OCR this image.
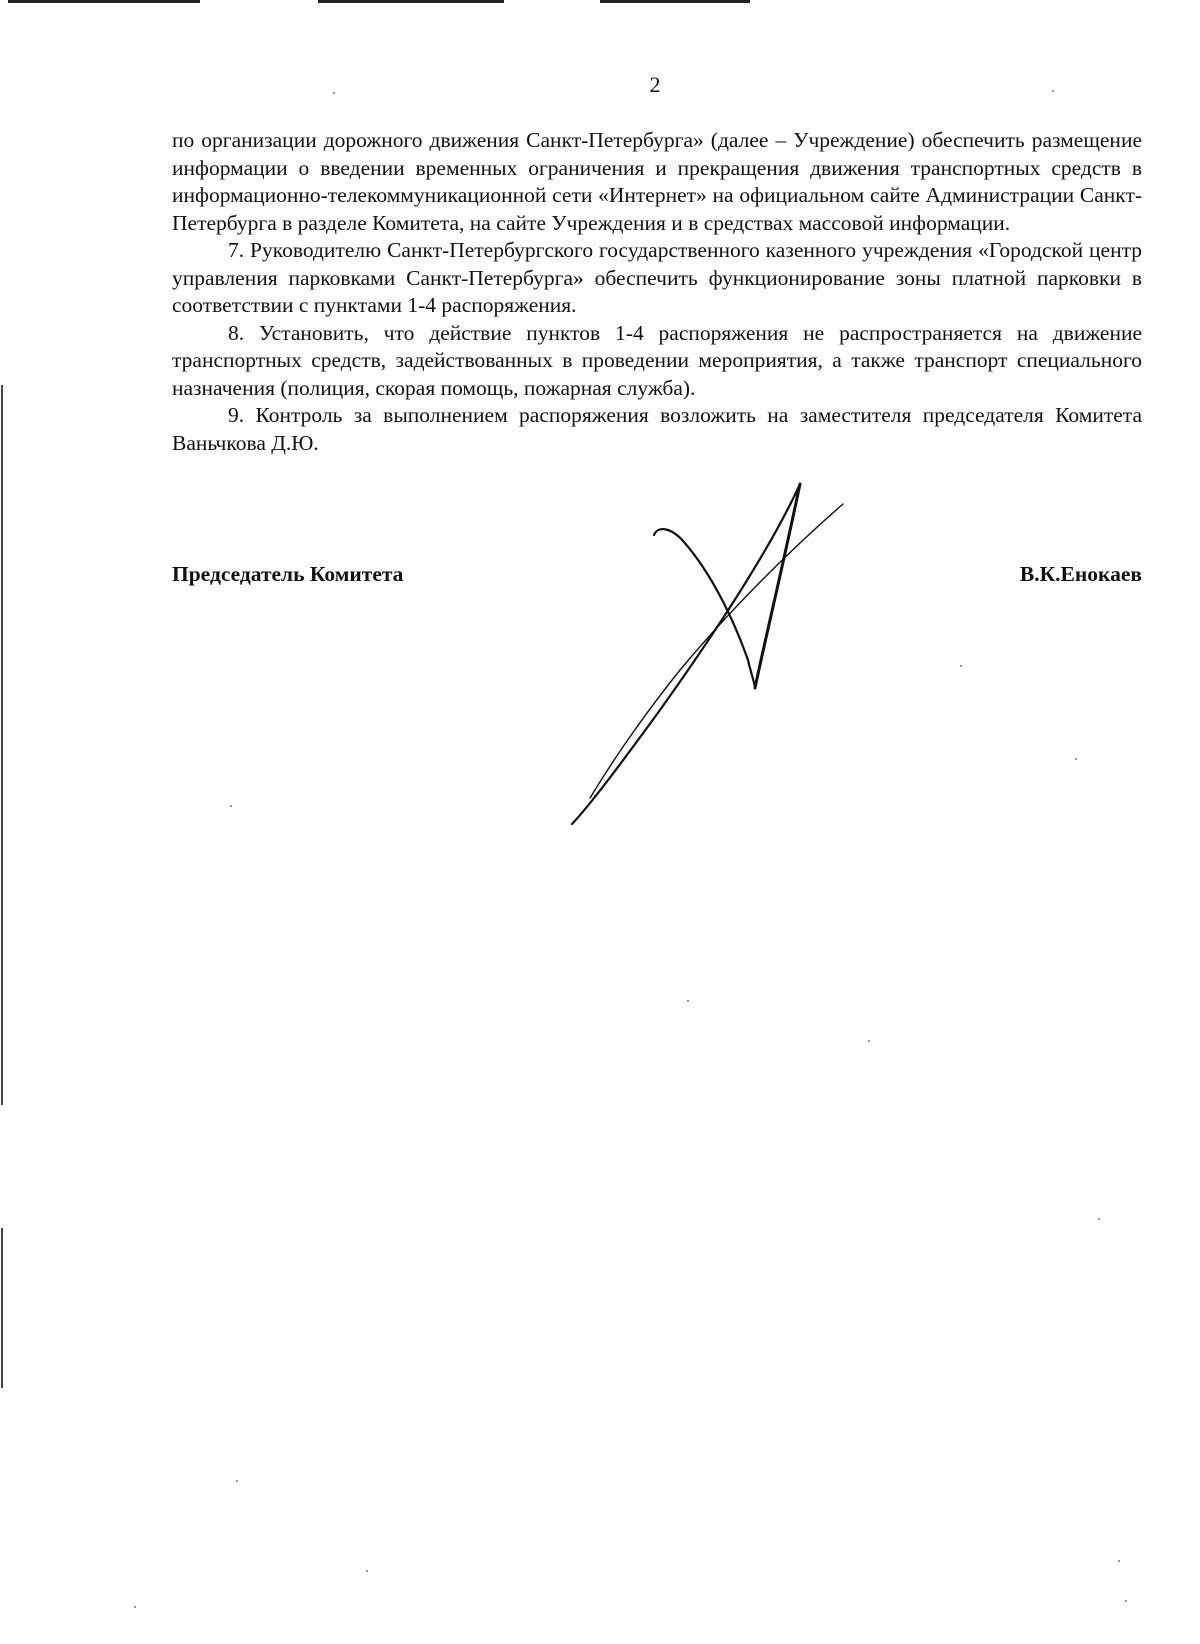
2

по организации дорожного движения Санкт-Петербурга» (далее – Учреждение) обеспечить размещение информации о введении временных ограничения и прекращения движения транспортных средств в информационно-телекоммуникационной сети «Интернет» на официальном сайте Администрации Санкт-Петербурга в разделе Комитета, на сайте Учреждения и в средствах массовой информации.

7. Руководителю Санкт-Петербургского государственного казенного учреждения «Городской центр управления парковками Санкт-Петербурга» обеспечить функционирование зоны платной парковки в соответствии с пунктами 1-4 распоряжения.

8. Установить, что действие пунктов 1-4 распоряжения не распространяется на движение транспортных средств, задействованных в проведении мероприятия, а также транспорт специального назначения (полиция, скорая помощь, пожарная служба).

9. Контроль за выполнением распоряжения возложить на заместителя председателя Комитета Ваньчкова Д.Ю.

Председатель Комитета	В.К.Енокаев
